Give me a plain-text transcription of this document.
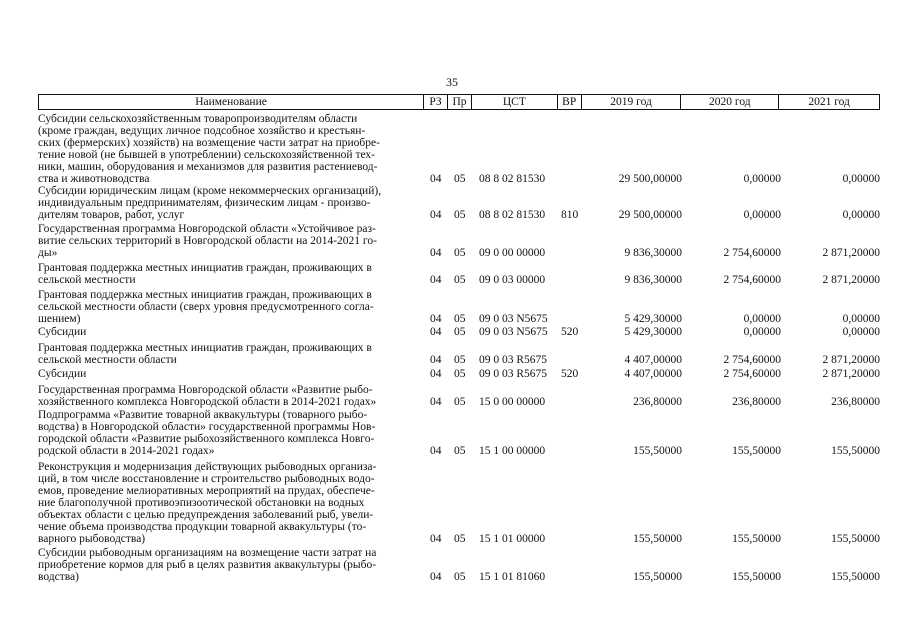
35
Наименование	РЗ Пр	ЦСТ	ВР	2019 год	2020 год	2021 год
Субсидии сельскохозяйственным товаропроизводителям области
(кроме граждан, ведущих личное подсобное хозяйство и крестьян-
ских (фермерских) хозяйств) на возмещение части затрат на приобре-
тение новой (не бывшей в употреблении) сельскохозяйственной тех-
ники, машин, оборудования и механизмов для развития растениевод-
ства и животноводства	04 05 08 8 02 81530	29 500,00000	0,00000	0,00000
Субсидии юридическим лицам (кроме некоммерческих организаций),
индивидуальным предпринимателям, физическим лицам - произво-
дителям товаров, работ, услуг	04 05 08 8 02 81530 810	29 500,00000	0,00000	0,00000
Государственная программа Новгородской области «Устойчивое раз-
витие сельских территорий в Новгородской области на 2014-2021 го-
ды»	04 05 09 0 00 00000	9 836,30000	2 754,60000	2 871,20000
Грантовая поддержка местных инициатив граждан, проживающих в
сельской местности	04 05 09 0 03 00000	9 836,30000	2 754,60000	2 871,20000
Грантовая поддержка местных инициатив граждан, проживающих в
сельской местности области (сверх уровня предусмотренного согла-
шением)	04 05 09 0 03 N5675	5 429,30000	0,00000	0,00000
Субсидии	04 05 09 0 03 N5675 520	5 429,30000	0,00000	0,00000
Грантовая поддержка местных инициатив граждан, проживающих в
сельской местности области	04 05 09 0 03 R5675	4 407,00000	2 754,60000	2 871,20000
Субсидии	04 05 09 0 03 R5675 520	4 407,00000	2 754,60000	2 871,20000
Государственная программа Новгородской области «Развитие рыбо-
хозяйственного комплекса Новгородской области в 2014-2021 годах»	04 05 15 0 00 00000	236,80000	236,80000	236,80000
Подпрограмма «Развитие товарной аквакультуры (товарного рыбо-
водства) в Новгородской области» государственной программы Нов-
городской области «Развитие рыбохозяйственного комплекса Новго-
родской области в 2014-2021 годах»	04 05 15 1 00 00000	155,50000	155,50000	155,50000
Реконструкция и модернизация действующих рыбоводных организа-
ций, в том числе восстановление и строительство рыбоводных водо-
емов, проведение мелиоративных мероприятий на прудах, обеспече-
ние благополучной противоэпизоотической обстановки на водных
объектах области с целью предупреждения заболеваний рыб, увели-
чение объема производства продукции товарной аквакультуры (то-
варного рыбоводства)	04 05 15 1 01 00000	155,50000	155,50000	155,50000
Субсидии рыбоводным организациям на возмещение части затрат на
приобретение кормов для рыб в целях развития аквакультуры (рыбо-
водства)	04 05 15 1 01 81060	155,50000	155,50000	155,50000
